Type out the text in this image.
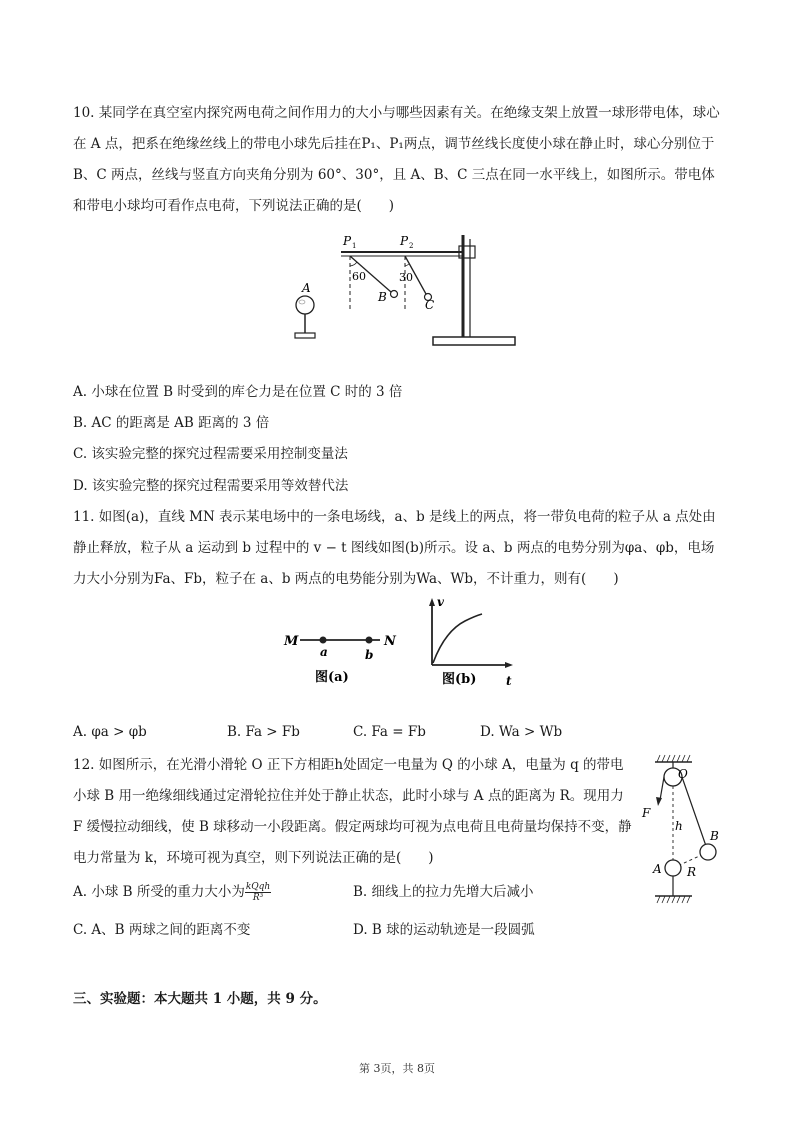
10. 某同学在真空室内探究两电荷之间作用力的大小与哪些因素有关。在绝缘支架上放置一球形带电体，球心在 A 点，把系在绝缘丝线上的带电小球先后挂在P₁、P₁两点，调节丝线长度使小球在静止时，球心分别位于 B、C 两点，丝线与竖直方向夹角分别为 60°、30°，且 A、B、C 三点在同一水平线上，如图所示。带电体和带电小球均可看作点电荷，下列说法正确的是(　　)
P 1	P 2
60	30
A
B
C
A. 小球在位置 B 时受到的库仑力是在位置 C 时的 3 倍
B. AC 的距离是 AB 距离的 3 倍
C. 该实验完整的探究过程需要采用控制变量法
D. 该实验完整的探究过程需要采用等效替代法
11. 如图(a)，直线 MN 表示某电场中的一条电场线，a、b 是线上的两点，将一带负电荷的粒子从 a 点处由静止释放，粒子从 a 运动到 b 过程中的 v − t 图线如图(b)所示。设 a、b 两点的电势分别为φa、φb，电场力大小分别为Fa、Fb，粒子在 a、b 两点的电势能分别为Wa、Wb，不计重力，则有(　　)
M	N
a	b
图(a)
v
t
图(b)
A. φa > φb	B. Fa > Fb	C. Fa = Fb	D. Wa > Wb
12. 如图所示，在光滑小滑轮 O 正下方相距h处固定一电量为 Q 的小球 A，电量为 q 的带电小球 B 用一绝缘细线通过定滑轮拉住并处于静止状态，此时小球与 A 点的距离为 R。现用力 F 缓慢拉动细线，使 B 球移动一小段距离。假定两球均可视为点电荷且电荷量均保持不变，静电力常量为 k，环境可视为真空，则下列说法正确的是(　　)
A. 小球 B 所受的重力大小为 $\frac{\text{kQqh}}{\text{R³}}$	B. 细线上的拉力先增大后减小
C. A、B 两球之间的距离不变	D. B 球的运动轨迹是一段圆弧
O
F
h
B
A R
三、实验题：本大题共 1 小题，共 9 分。
第 3页，共 8页
